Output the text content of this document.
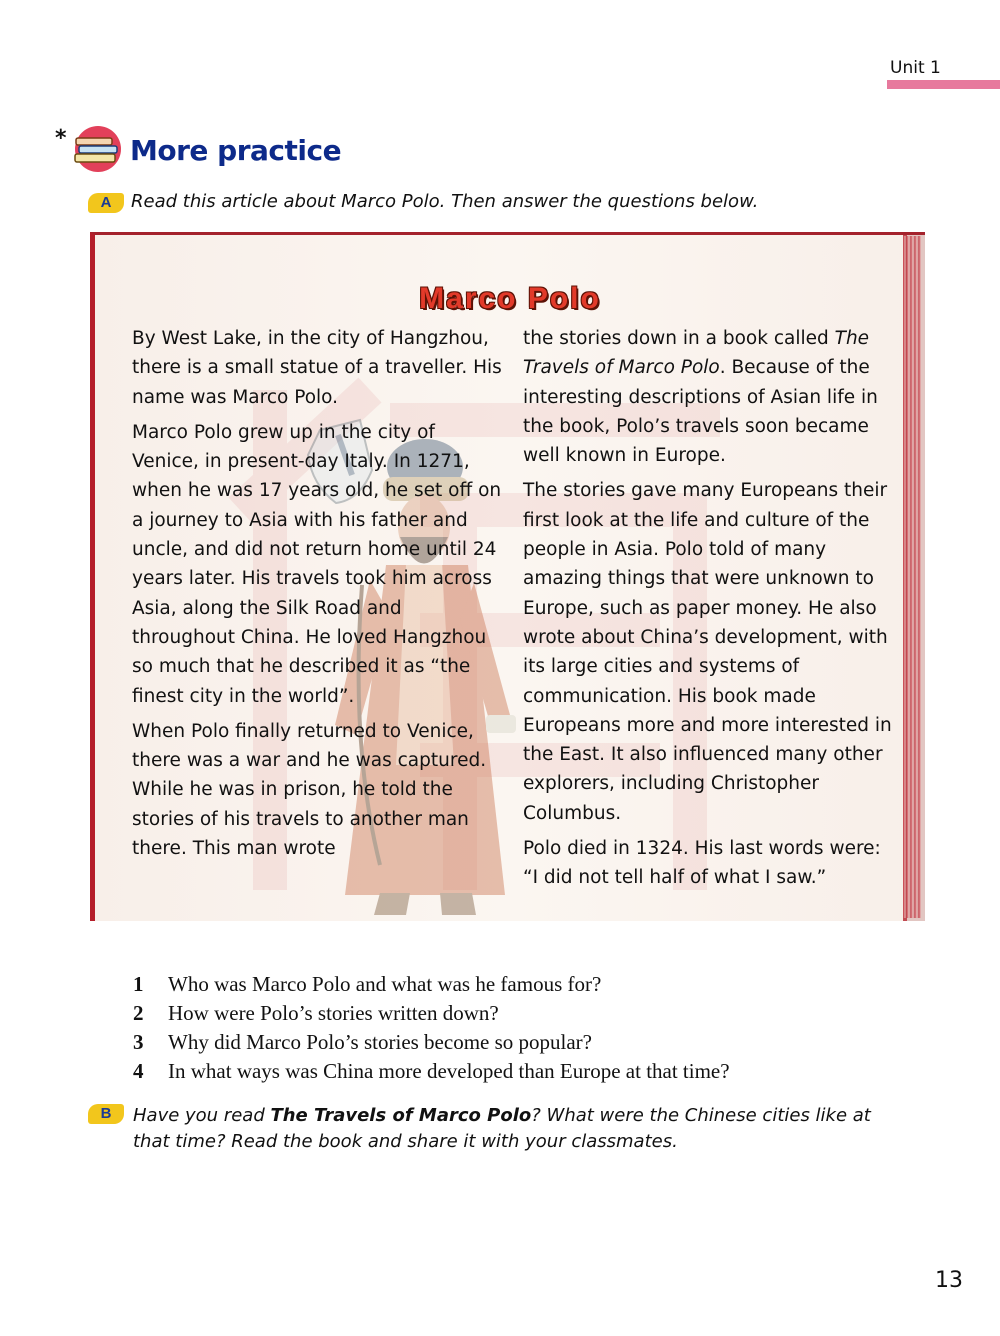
Unit 1
* More practice
A	Read this article about Marco Polo. Then answer the questions below.
Marco Polo

By West Lake, in the city of Hangzhou, there is a small statue of a traveller. His name was Marco Polo.

Marco Polo grew up in the city of Venice, in present-day Italy. In 1271, when he was 17 years old, he set off on a journey to Asia with his father and uncle, and did not return home until 24 years later. His travels took him across Asia, along the Silk Road and throughout China. He loved Hangzhou so much that he described it as “the finest city in the world”.

When Polo finally returned to Venice, there was a war and he was captured. While he was in prison, he told the stories of his travels to another man there. This man wrote

the stories down in a book called The Travels of Marco Polo. Because of the interesting descriptions of Asian life in the book, Polo’s travels soon became well known in Europe.

The stories gave many Europeans their first look at the life and culture of the people in Asia. Polo told of many amazing things that were unknown to Europe, such as paper money. He also wrote about China’s development, with its large cities and systems of communication. His book made Europeans more and more interested in the East. It also influenced many other explorers, including Christopher Columbus.

Polo died in 1324. His last words were: “I did not tell half of what I saw.”

1	Who was Marco Polo and what was he famous for?
2	How were Polo’s stories written down?
3	Why did Marco Polo’s stories become so popular?
4	In what ways was China more developed than Europe at that time?
B	Have you read The Travels of Marco Polo? What were the Chinese cities like at that time? Read the book and share it with your classmates.
13
